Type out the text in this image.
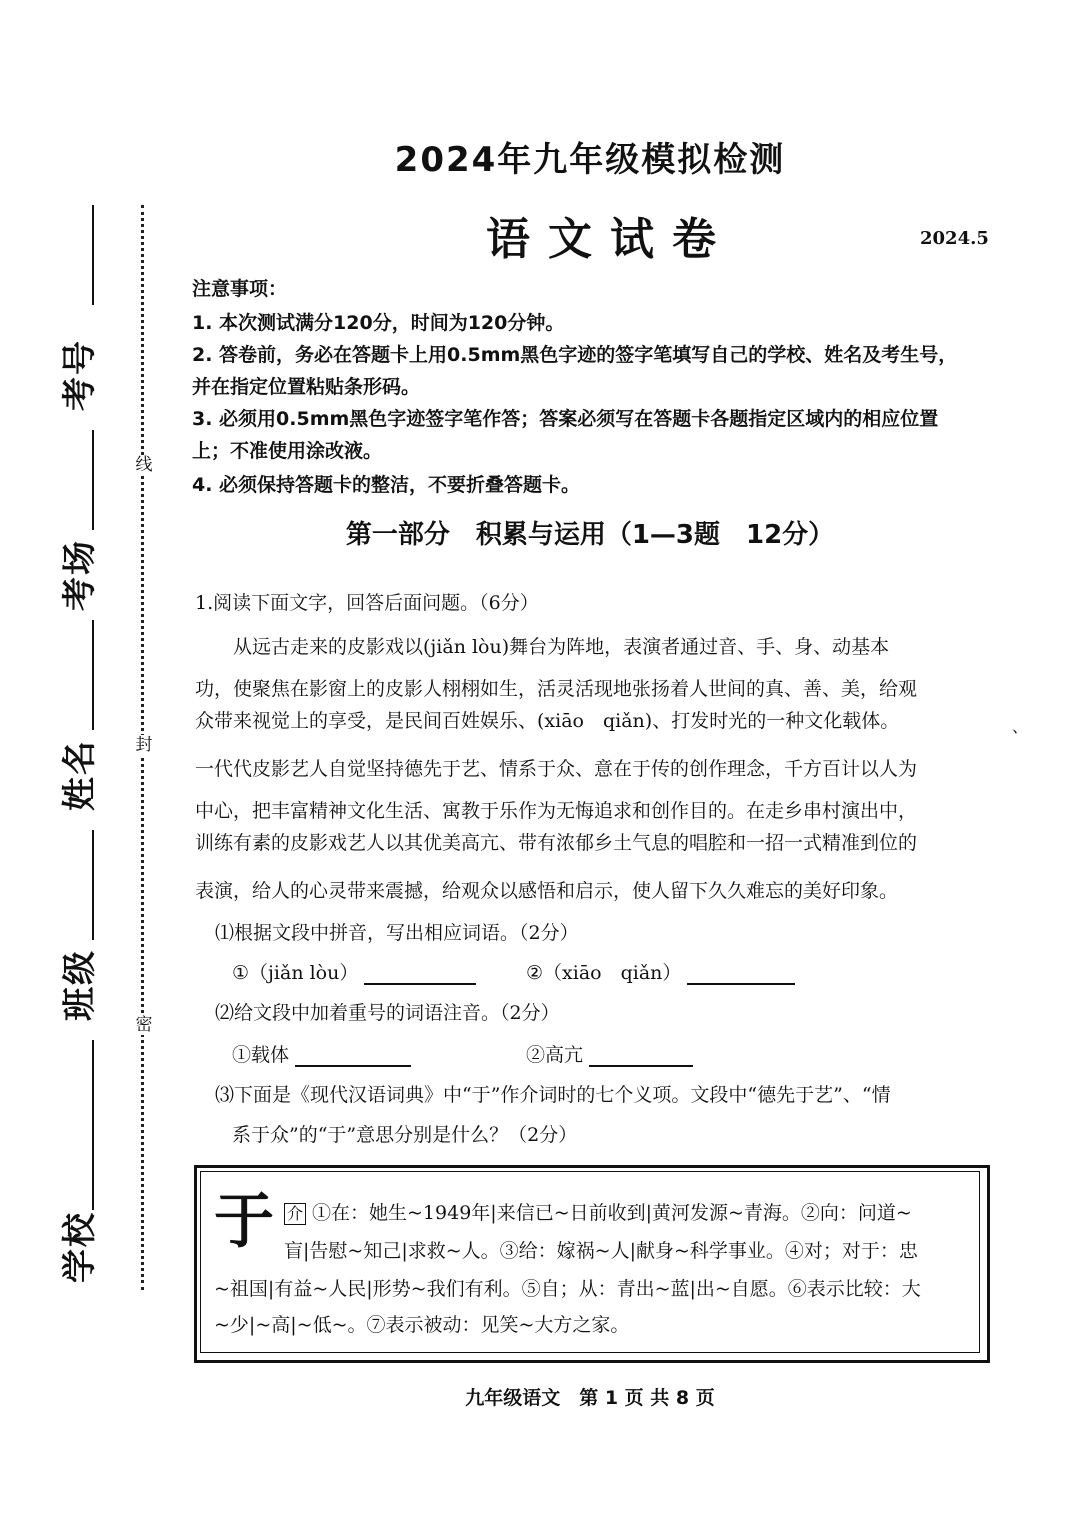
号
考
场
考
名
姓
级
班
校
学
线
封
密
2024年九年级模拟检测
语文试卷	2024.5
注意事项：
1. 本次测试满分120分，时间为120分钟。
2. 答卷前，务必在答题卡上用0.5mm黑色字迹的签字笔填写自己的学校、姓名及考生号，
并在指定位置粘贴条形码。
3. 必须用0.5mm黑色字迹签字笔作答；答案必须写在答题卡各题指定区域内的相应位置
上；不准使用涂改液。
4. 必须保持答题卡的整洁，不要折叠答题卡。
第一部分　积累与运用（1—3题　12分）
1.阅读下面文字，回答后面问题。（6分）
　　从远古走来的皮影戏以(jiǎn lòu)舞台为阵地，表演者通过音、手、身、动基本
功，使聚焦在影窗上的皮影人栩栩如生，活灵活现地张扬着人世间的真、善、美，给观
众带来视觉上的享受，是民间百姓娱乐、(xiāo　qiǎn)、打发时光的一种文化载体。
一代代皮影艺人自觉坚持德先于艺、情系于众、意在于传的创作理念，千方百计以人为
中心，把丰富精神文化生活、寓教于乐作为无悔追求和创作目的。在走乡串村演出中，
训练有素的皮影戏艺人以其优美高亢、带有浓郁乡土气息的唱腔和一招一式精准到位的
表演，给人的心灵带来震撼，给观众以感悟和启示，使人留下久久难忘的美好印象。
、
⑴根据文段中拼音，写出相应词语。（2分）
①（jiǎn lòu）	②（xiāo　qiǎn）
⑵给文段中加着重号的词语注音。（2分）
①载体	②高亢
⑶下面是《现代汉语词典》中“于”作介词时的七个义项。文段中“德先于艺”、“情
系于众”的“于”意思分别是什么？（2分）
于 介 ①在：她生~1949年|来信已~日前收到|黄河发源~青海。②向：问道~
盲|告慰~知己|求救~人。③给：嫁祸~人|献身~科学事业。④对；对于：忠
~祖国|有益~人民|形势~我们有利。⑤自；从：青出~蓝|出~自愿。⑥表示比较：大
~少|~高|~低~。⑦表示被动：见笑~大方之家。
九年级语文　第 1 页 共 8 页
